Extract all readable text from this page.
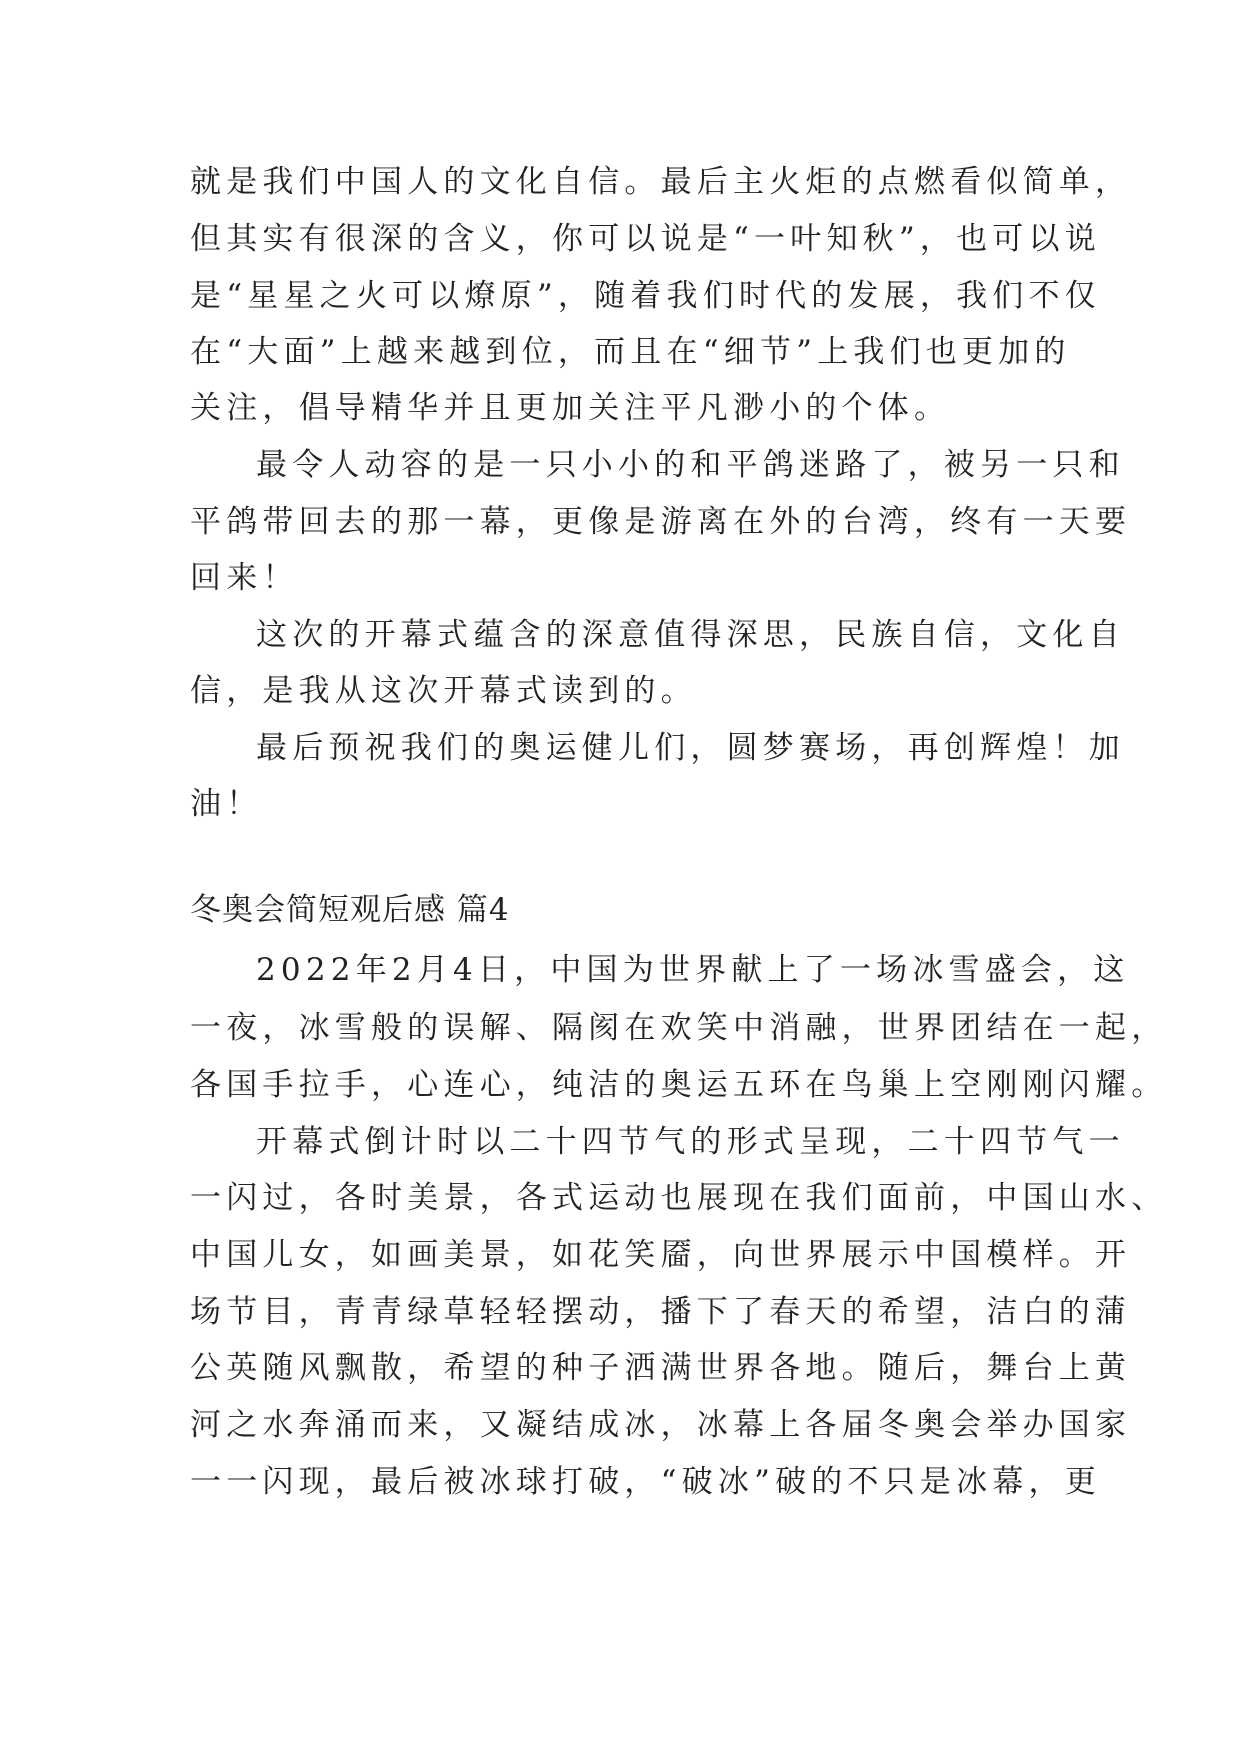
就是我们中国人的文化自信。最后主火炬的点燃看似简单，
但其实有很深的含义，你可以说是“一叶知秋”，也可以说
是“星星之火可以燎原”，随着我们时代的发展，我们不仅
在“大面”上越来越到位，而且在“细节”上我们也更加的
关注，倡导精华并且更加关注平凡渺小的个体。
最令人动容的是一只小小的和平鸽迷路了，被另一只和
平鸽带回去的那一幕，更像是游离在外的台湾，终有一天要
回来！
这次的开幕式蕴含的深意值得深思，民族自信，文化自
信，是我从这次开幕式读到的。
最后预祝我们的奥运健儿们，圆梦赛场，再创辉煌！加
油！
冬奥会简短观后感 篇4
2022年2月4日，中国为世界献上了一场冰雪盛会，这
一夜，冰雪般的误解、隔阂在欢笑中消融，世界团结在一起，
各国手拉手，心连心，纯洁的奥运五环在鸟巢上空刚刚闪耀。
开幕式倒计时以二十四节气的形式呈现，二十四节气一
一闪过，各时美景，各式运动也展现在我们面前，中国山水、
中国儿女，如画美景，如花笑靥，向世界展示中国模样。开
场节目，青青绿草轻轻摆动，播下了春天的希望，洁白的蒲
公英随风飘散，希望的种子洒满世界各地。随后，舞台上黄
河之水奔涌而来，又凝结成冰，冰幕上各届冬奥会举办国家
一一闪现，最后被冰球打破，“破冰”破的不只是冰幕，更
